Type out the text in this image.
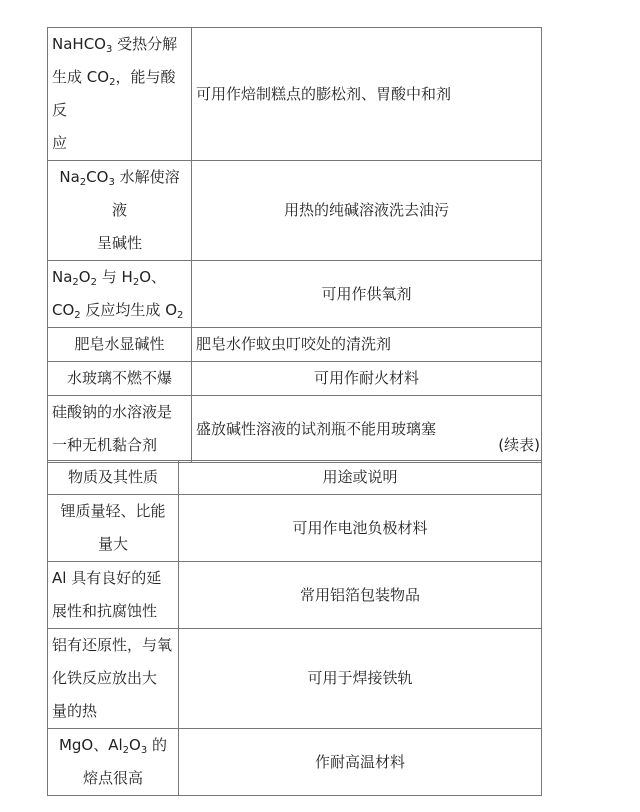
NaHCO$_3$ 受热分解
生成 $CO_2$，能与酸反
应	可用作焙制糕点的膨松剂、胃酸中和剂
$Na_2CO_3$ 水解使溶液
呈碱性	用热的纯碱溶液洗去油污
$Na_2O_2$ 与 $H_2O$、
$CO_2$ 反应均生成 $O_2$	可用作供氧剂
肥皂水显碱性	肥皂水作蚊虫叮咬处的清洗剂
水玻璃不燃不爆	可用作耐火材料
硅酸钠的水溶液是
一种无机黏合剂	盛放碱性溶液的试剂瓶不能用玻璃塞
(续表)
物质及其性质	用途或说明
锂质量轻、比能
量大	可用作电池负极材料
Al 具有良好的延
展性和抗腐蚀性	常用铝箔包装物品
铝有还原性，与氧
化铁反应放出大
量的热	可用于焊接铁轨
MgO、$Al_2O_3$ 的
熔点很高	作耐高温材料
